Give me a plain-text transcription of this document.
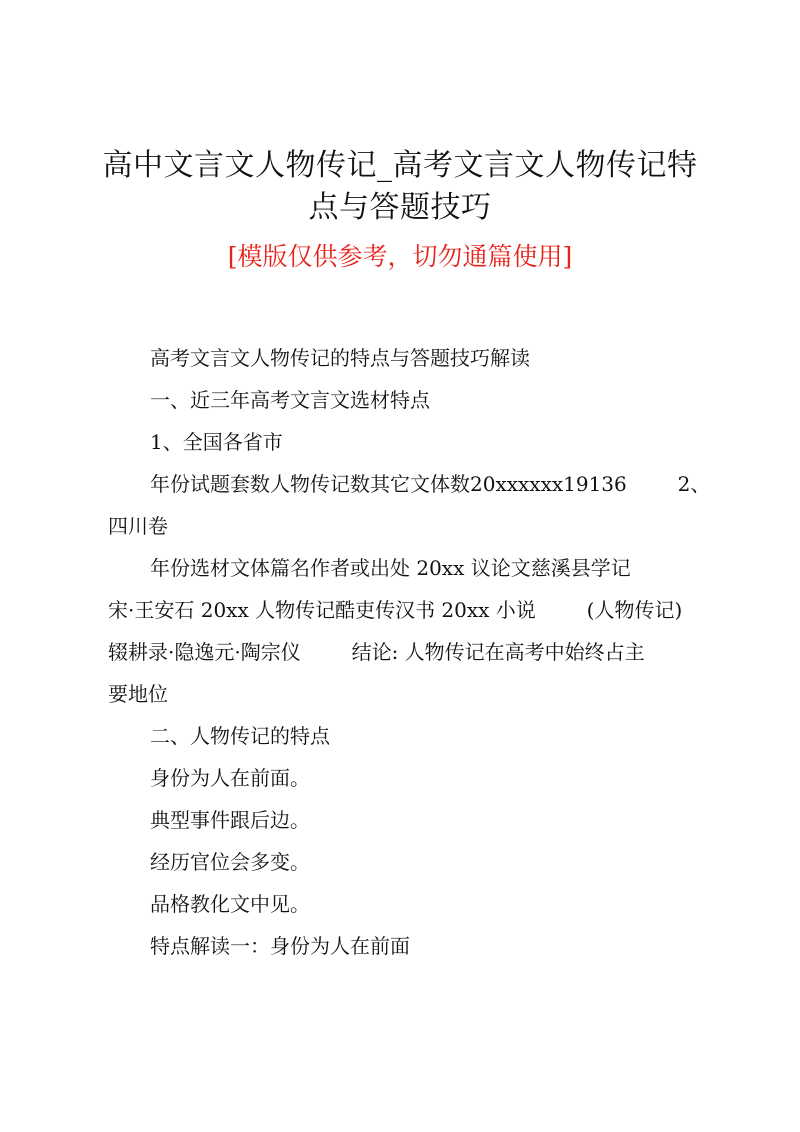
高中文言文人物传记_高考文言文人物传记特
点与答题技巧

[模版仅供参考，切勿通篇使用]

高考文言文人物传记的特点与答题技巧解读

一、近三年高考文言文选材特点

1、全国各省市

年份试题套数人物传记数其它文体数20xxxxxx19136        2、

四川卷

年份选材文体篇名作者或出处 20xx 议论文慈溪县学记

宋·王安石 20xx 人物传记酷吏传汉书 20xx 小说        (人物传记)

辍耕录·隐逸元·陶宗仪        结论: 人物传记在高考中始终占主

要地位

二、人物传记的特点

身份为人在前面。

典型事件跟后边。

经历官位会多变。

品格教化文中见。

特点解读一：身份为人在前面
